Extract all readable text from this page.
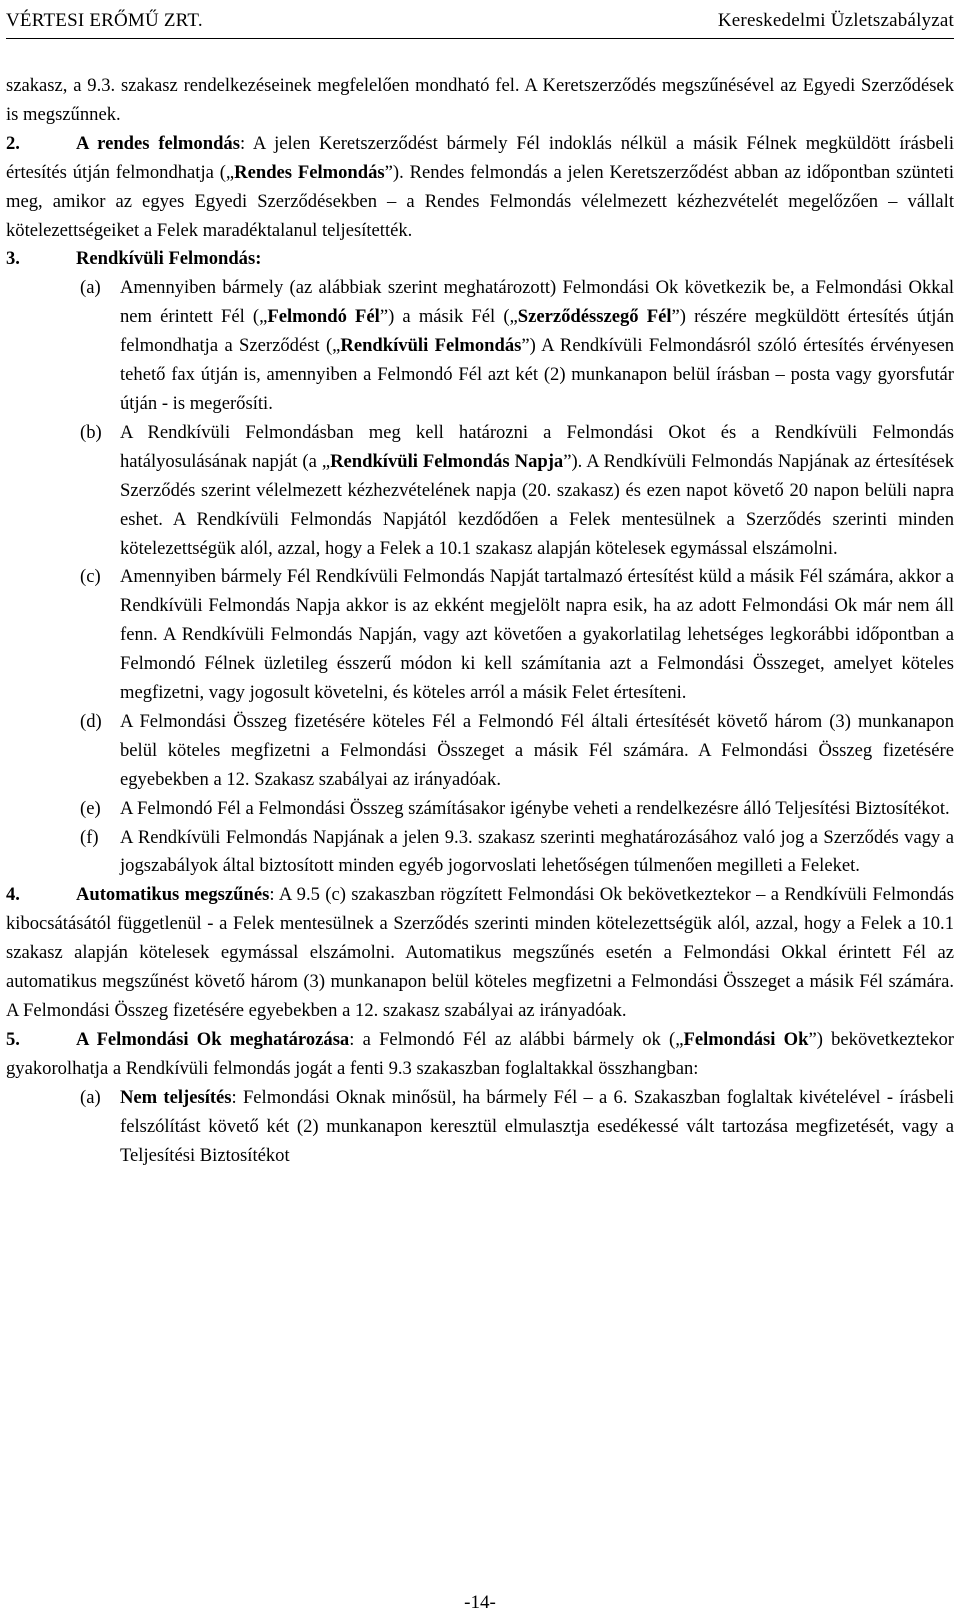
VÉRTESI ERŐMŰ ZRT.	Kereskedelmi Üzletszabályzat

szakasz, a 9.3. szakasz rendelkezéseinek megfelelően mondható fel. A Keretszerződés megszűnésével az Egyedi Szerződések is megszűnnek.

2.	A rendes felmondás: A jelen Keretszerződést bármely Fél indoklás nélkül a másik Félnek megküldött írásbeli értesítés útján felmondhatja („Rendes Felmondás”). Rendes felmondás a jelen Keretszerződést abban az időpontban szünteti meg, amikor az egyes Egyedi Szerződésekben – a Rendes Felmondás vélelmezett kézhezvételét megelőzően – vállalt kötelezettségeiket a Felek maradéktalanul teljesítették.

3.	Rendkívüli Felmondás:

(a)	Amennyiben bármely (az alábbiak szerint meghatározott) Felmondási Ok következik be, a Felmondási Okkal nem érintett Fél („Felmondó Fél”) a másik Fél („Szerződésszegő Fél”) részére megküldött értesítés útján felmondhatja a Szerződést („Rendkívüli Felmondás”) A Rendkívüli Felmondásról szóló értesítés érvényesen tehető fax útján is, amennyiben a Felmondó Fél azt két (2) munkanapon belül írásban – posta vagy gyorsfutár útján - is megerősíti.
(b) A Rendkívüli Felmondásban meg kell határozni a Felmondási Okot és a Rendkívüli Felmondás hatályosulásának napját (a „Rendkívüli Felmondás Napja”). A Rendkívüli Felmondás Napjának az értesítések Szerződés szerint vélelmezett kézhezvételének napja (20. szakasz) és ezen napot követő 20 napon belüli napra eshet. A Rendkívüli Felmondás Napjától kezdődően a Felek mentesülnek a Szerződés szerinti minden kötelezettségük alól, azzal, hogy a Felek a 10.1 szakasz alapján kötelesek egymással elszámolni.
(c)	Amennyiben bármely Fél Rendkívüli Felmondás Napját tartalmazó értesítést küld a másik Fél számára, akkor a Rendkívüli Felmondás Napja akkor is az ekként megjelölt napra esik, ha az adott Felmondási Ok már nem áll fenn. A Rendkívüli Felmondás Napján, vagy azt követően a gyakorlatilag lehetséges legkorábbi időpontban a Felmondó Félnek üzletileg ésszerű módon ki kell számítania azt a Felmondási Összeget, amelyet köteles megfizetni, vagy jogosult követelni, és köteles arról a másik Felet értesíteni.
(d) A Felmondási Összeg fizetésére köteles Fél a Felmondó Fél általi értesítését követő három (3) munkanapon belül köteles megfizetni a Felmondási Összeget a másik Fél számára. A Felmondási Összeg fizetésére egyebekben a 12. Szakasz szabályai az irányadóak.
(e)	A Felmondó Fél a Felmondási Összeg számításakor igénybe veheti a rendelkezésre álló Teljesítési Biztosítékot.
(f)	A Rendkívüli Felmondás Napjának a jelen 9.3. szakasz szerinti meghatározásához való jog a Szerződés vagy a jogszabályok által biztosított minden egyéb jogorvoslati lehetőségen túlmenően megilleti a Feleket.

4.	Automatikus megszűnés: A 9.5 (c) szakaszban rögzített Felmondási Ok bekövetkeztekor – a Rendkívüli Felmondás kibocsátásától függetlenül - a Felek mentesülnek a Szerződés szerinti minden kötelezettségük alól, azzal, hogy a Felek a 10.1 szakasz alapján kötelesek egymással elszámolni. Automatikus megszűnés esetén a Felmondási Okkal érintett Fél az automatikus megszűnést követő három (3) munkanapon belül köteles megfizetni a Felmondási Összeget a másik Fél számára. A Felmondási Összeg fizetésére egyebekben a 12. szakasz szabályai az irányadóak.

5.	A Felmondási Ok meghatározása: a Felmondó Fél az alábbi bármely ok („Felmondási Ok”) bekövetkeztekor gyakorolhatja a Rendkívüli felmondás jogát a fenti 9.3 szakaszban foglaltakkal összhangban:

(a)	Nem teljesítés: Felmondási Oknak minősül, ha bármely Fél – a 6. Szakaszban foglaltak kivételével - írásbeli felszólítást követő két (2) munkanapon keresztül elmulasztja esedékessé vált tartozása megfizetését, vagy a Teljesítési Biztosítékot
-14-
